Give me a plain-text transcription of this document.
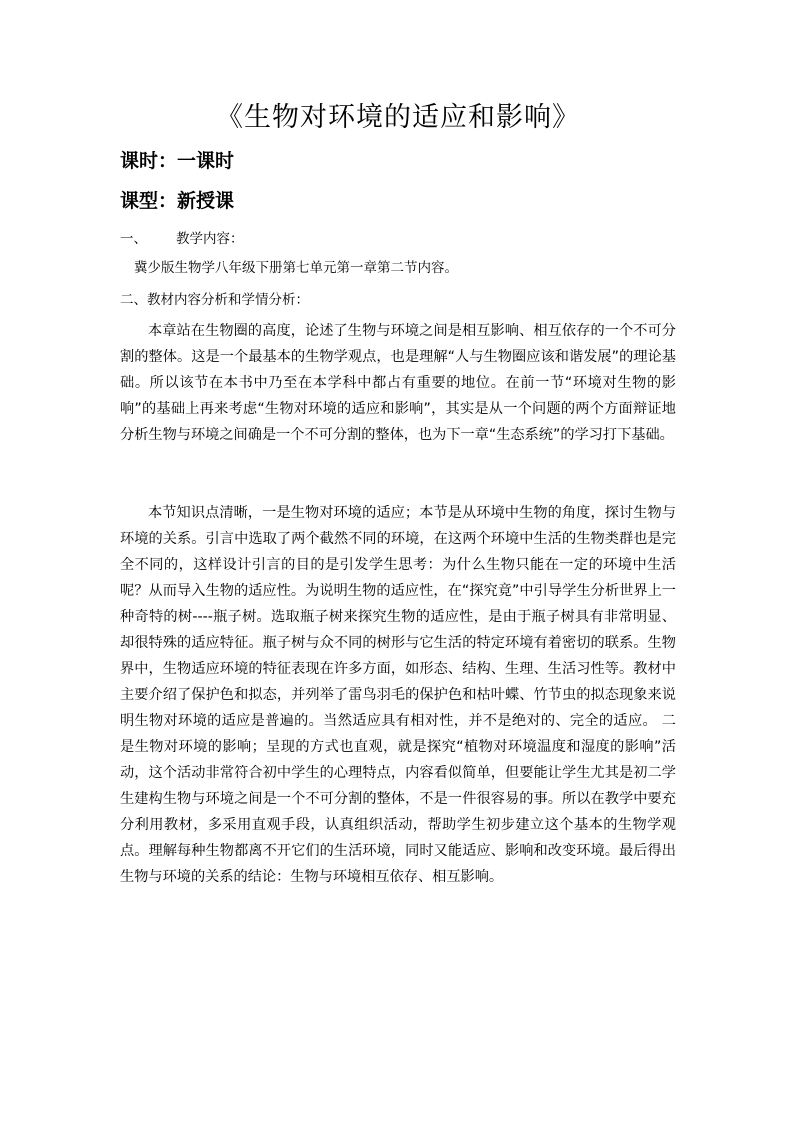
《生物对环境的适应和影响》
课时：一课时
课型：新授课
一、 教学内容：
冀少版生物学八年级下册第七单元第一章第二节内容。
二、教材内容分析和学情分析：
本章站在生物圈的高度，论述了生物与环境之间是相互影响、相互依存的一个不可分割的整体。这是一个最基本的生物学观点，也是理解“人与生物圈应该和谐发展”的理论基础。所以该节在本书中乃至在本学科中都占有重要的地位。在前一节“环境对生物的影响”的基础上再来考虑“生物对环境的适应和影响”，其实是从一个问题的两个方面辩证地分析生物与环境之间确是一个不可分割的整体，也为下一章“生态系统”的学习打下基础。
本节知识点清晰，一是生物对环境的适应；本节是从环境中生物的角度，探讨生物与环境的关系。引言中选取了两个截然不同的环境，在这两个环境中生活的生物类群也是完全不同的，这样设计引言的目的是引发学生思考：为什么生物只能在一定的环境中生活呢？从而导入生物的适应性。为说明生物的适应性，在“探究竟”中引导学生分析世界上一种奇特的树----瓶子树。选取瓶子树来探究生物的适应性，是由于瓶子树具有非常明显、却很特殊的适应特征。瓶子树与众不同的树形与它生活的特定环境有着密切的联系。生物界中，生物适应环境的特征表现在许多方面，如形态、结构、生理、生活习性等。教材中主要介绍了保护色和拟态，并列举了雷鸟羽毛的保护色和枯叶蝶、竹节虫的拟态现象来说明生物对环境的适应是普遍的。当然适应具有相对性，并不是绝对的、完全的适应。 二是生物对环境的影响；呈现的方式也直观，就是探究“植物对环境温度和湿度的影响”活动，这个活动非常符合初中学生的心理特点，内容看似简单，但要能让学生尤其是初二学生建构生物与环境之间是一个不可分割的整体，不是一件很容易的事。所以在教学中要充分利用教材，多采用直观手段，认真组织活动，帮助学生初步建立这个基本的生物学观点。理解每种生物都离不开它们的生活环境，同时又能适应、影响和改变环境。最后得出生物与环境的关系的结论：生物与环境相互依存、相互影响。
